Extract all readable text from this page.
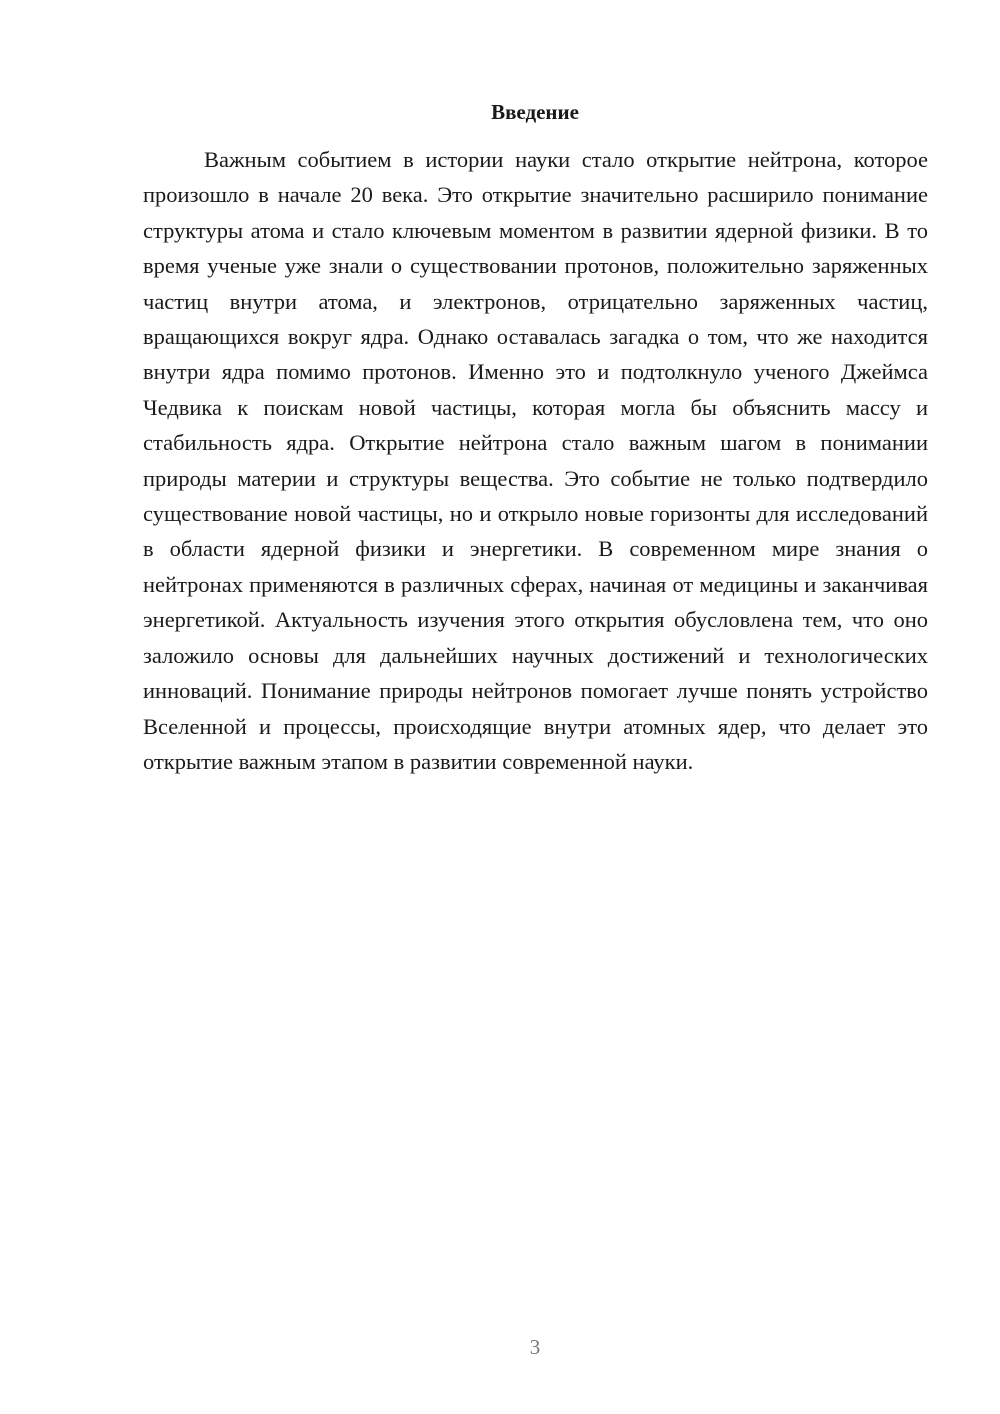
Введение

Важным событием в истории науки стало открытие нейтрона, которое произошло в начале 20 века. Это открытие значительно расширило понимание структуры атома и стало ключевым моментом в развитии ядерной физики. В то время ученые уже знали о существовании протонов, положительно заряженных частиц внутри атома, и электронов, отрицательно заряженных частиц, вращающихся вокруг ядра. Однако оставалась загадка о том, что же находится внутри ядра помимо протонов. Именно это и подтолкнуло ученого Джеймса Чедвика к поискам новой частицы, которая могла бы объяснить массу и стабильность ядра. Открытие нейтрона стало важным шагом в понимании природы материи и структуры вещества. Это событие не только подтвердило существование новой частицы, но и открыло новые горизонты для исследований в области ядерной физики и энергетики. В современном мире знания о нейтронах применяются в различных сферах, начиная от медицины и заканчивая энергетикой. Актуальность изучения этого открытия обусловлена тем, что оно заложило основы для дальнейших научных достижений и технологических инноваций. Понимание природы нейтронов помогает лучше понять устройство Вселенной и процессы, происходящие внутри атомных ядер, что делает это открытие важным этапом в развитии современной науки.

3
